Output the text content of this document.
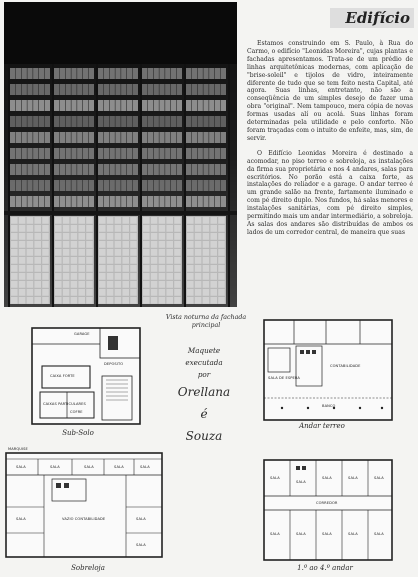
Edifício

Estamos construindo em S. Paulo, à Rua do Carmo, o edifício "Leonidas Moreira", cujas plantas e fachadas apresentamos. Trata-se de um prédio de linhas arquitetônicas modernas, com aplicação de "brise-soleil" e tijolos de vidro, inteiramente diferente de tudo que se tem feito nesta Capital, até agora. Suas linhas, entretanto, não são a conseqüência de um simples desejo de fazer uma obra "original". Nem tampouco, mera cópia de novas formas usadas alí ou acolá. Suas linhas foram determinadas pela utilidade e pelo conforto. Não foram traçadas com o intuito de enfeite, mas, sim, de servir.

O Edifício Leonidas Moreira é destinado a acomodar, no piso terreo e sobreloja, as instalações da firma sua proprietária e nos 4 andares, salas para escritórios. No porão está a caixa forte, as instalações do reliador e a garage. O andar terreo é um grande salão na frente, fartamente iluminado e com pé direito duplo. Nos fundos, há salas menores e instalações sanitárias, com pé direito simples, permitindo mais um andar intermediário, a sobreloja. As salas dos andares são distribuídas de ambos os lados de um corredor central, de maneira que suas

Vista noturna da fachada principal
Maquete
executada
por
Orellana
é
Souza
Sub-Solo
Andar terreo
Sobreloja	1.º ao 4.º andar
GARAGE
CAIXA FORTE
CAIXAS PARTICULARES
DEPOSITO
COFRE
SALA DE ESPERA
CONTABILIDADE
BANCO
MARQUISE
SALA	SALA	SALA	SALA	SALA
SALA	SALA
SALA
VAZIO CONTABILIDADE
SALA
SALA
SALA	SALA	SALA
CORREDOR
SALA	SALA	SALA	SALA	SALA
